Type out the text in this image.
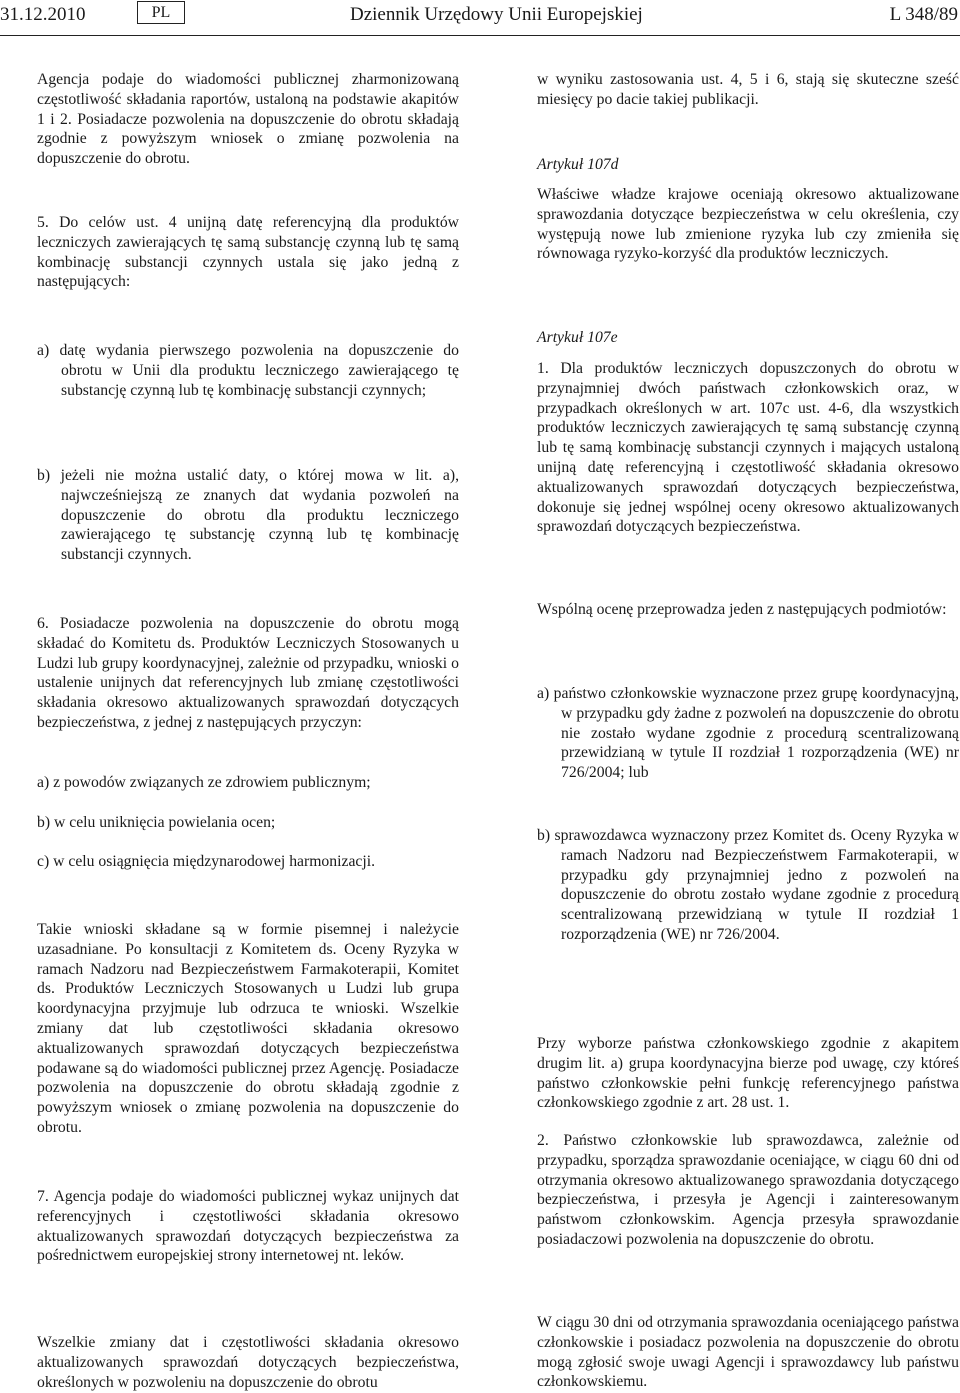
31.12.2010	PL	Dziennik Urzędowy Unii Europejskiej	L 348/89

Agencja podaje do wiadomości publicznej zharmonizowaną częstotliwość składania raportów, ustaloną na podstawie akapitów 1 i 2. Posiadacze pozwolenia na dopuszczenie do obrotu składają zgodnie z powyższym wniosek o zmianę pozwolenia na dopuszczenie do obrotu.

5. Do celów ust. 4 unijną datę referencyjną dla produktów leczniczych zawierających tę samą substancję czynną lub tę samą kombinację substancji czynnych ustala się jako jedną z następujących:

a) datę wydania pierwszego pozwolenia na dopuszczenie do obrotu w Unii dla produktu leczniczego zawierającego tę substancję czynną lub tę kombinację substancji czynnych;

b) jeżeli nie można ustalić daty, o której mowa w lit. a), najwcześniejszą ze znanych dat wydania pozwoleń na dopuszczenie do obrotu dla produktu leczniczego zawierającego tę substancję czynną lub tę kombinację substancji czynnych.

6. Posiadacze pozwolenia na dopuszczenie do obrotu mogą składać do Komitetu ds. Produktów Leczniczych Stosowanych u Ludzi lub grupy koordynacyjnej, zależnie od przypadku, wnioski o ustalenie unijnych dat referencyjnych lub zmianę częstotliwości składania okresowo aktualizowanych sprawozdań dotyczących bezpieczeństwa, z jednej z następujących przyczyn:

a) z powodów związanych ze zdrowiem publicznym;

b) w celu uniknięcia powielania ocen;

c) w celu osiągnięcia międzynarodowej harmonizacji.

Takie wnioski składane są w formie pisemnej i należycie uzasadniane. Po konsultacji z Komitetem ds. Oceny Ryzyka w ramach Nadzoru nad Bezpieczeństwem Farmakoterapii, Komitet ds. Produktów Leczniczych Stosowanych u Ludzi lub grupa koordynacyjna przyjmuje lub odrzuca te wnioski. Wszelkie zmiany dat lub częstotliwości składania okresowo aktualizowanych sprawozdań dotyczących bezpieczeństwa podawane są do wiadomości publicznej przez Agencję. Posiadacze pozwolenia na dopuszczenie do obrotu składają zgodnie z powyższym wniosek o zmianę pozwolenia na dopuszczenie do obrotu.

7. Agencja podaje do wiadomości publicznej wykaz unijnych dat referencyjnych i częstotliwości składania okresowo aktualizowanych sprawozdań dotyczących bezpieczeństwa za pośrednictwem europejskiej strony internetowej nt. leków.

Wszelkie zmiany dat i częstotliwości składania okresowo aktualizowanych sprawozdań dotyczących bezpieczeństwa, określonych w pozwoleniu na dopuszczenie do obrotu

w wyniku zastosowania ust. 4, 5 i 6, stają się skuteczne sześć miesięcy po dacie takiej publikacji.

Artykuł 107d

Właściwe władze krajowe oceniają okresowo aktualizowane sprawozdania dotyczące bezpieczeństwa w celu określenia, czy występują nowe lub zmienione ryzyka lub czy zmieniła się równowaga ryzyko-korzyść dla produktów leczniczych.

Artykuł 107e

1. Dla produktów leczniczych dopuszczonych do obrotu w przynajmniej dwóch państwach członkowskich oraz, w przypadkach określonych w art. 107c ust. 4-6, dla wszystkich produktów leczniczych zawierających tę samą substancję czynną lub tę samą kombinację substancji czynnych i mających ustaloną unijną datę referencyjną i częstotliwość składania okresowo aktualizowanych sprawozdań dotyczących bezpieczeństwa, dokonuje się jednej wspólnej oceny okresowo aktualizowanych sprawozdań dotyczących bezpieczeństwa.

Wspólną ocenę przeprowadza jeden z następujących podmiotów:

a) państwo członkowskie wyznaczone przez grupę koordynacyjną, w przypadku gdy żadne z pozwoleń na dopuszczenie do obrotu nie zostało wydane zgodnie z procedurą scentralizowaną przewidzianą w tytule II rozdział 1 rozporządzenia (WE) nr 726/2004; lub

b) sprawozdawca wyznaczony przez Komitet ds. Oceny Ryzyka w ramach Nadzoru nad Bezpieczeństwem Farmakoterapii, w przypadku gdy przynajmniej jedno z pozwoleń na dopuszczenie do obrotu zostało wydane zgodnie z procedurą scentralizowaną przewidzianą w tytule II rozdział 1 rozporządzenia (WE) nr 726/2004.

Przy wyborze państwa członkowskiego zgodnie z akapitem drugim lit. a) grupa koordynacyjna bierze pod uwagę, czy któreś państwo członkowskie pełni funkcję referencyjnego państwa członkowskiego zgodnie z art. 28 ust. 1.

2. Państwo członkowskie lub sprawozdawca, zależnie od przypadku, sporządza sprawozdanie oceniające, w ciągu 60 dni od otrzymania okresowo aktualizowanego sprawozdania dotyczącego bezpieczeństwa, i przesyła je Agencji i zainteresowanym państwom członkowskim. Agencja przesyła sprawozdanie posiadaczowi pozwolenia na dopuszczenie do obrotu.

W ciągu 30 dni od otrzymania sprawozdania oceniającego państwa członkowskie i posiadacz pozwolenia na dopuszczenie do obrotu mogą zgłosić swoje uwagi Agencji i sprawozdawcy lub państwu członkowskiemu.
